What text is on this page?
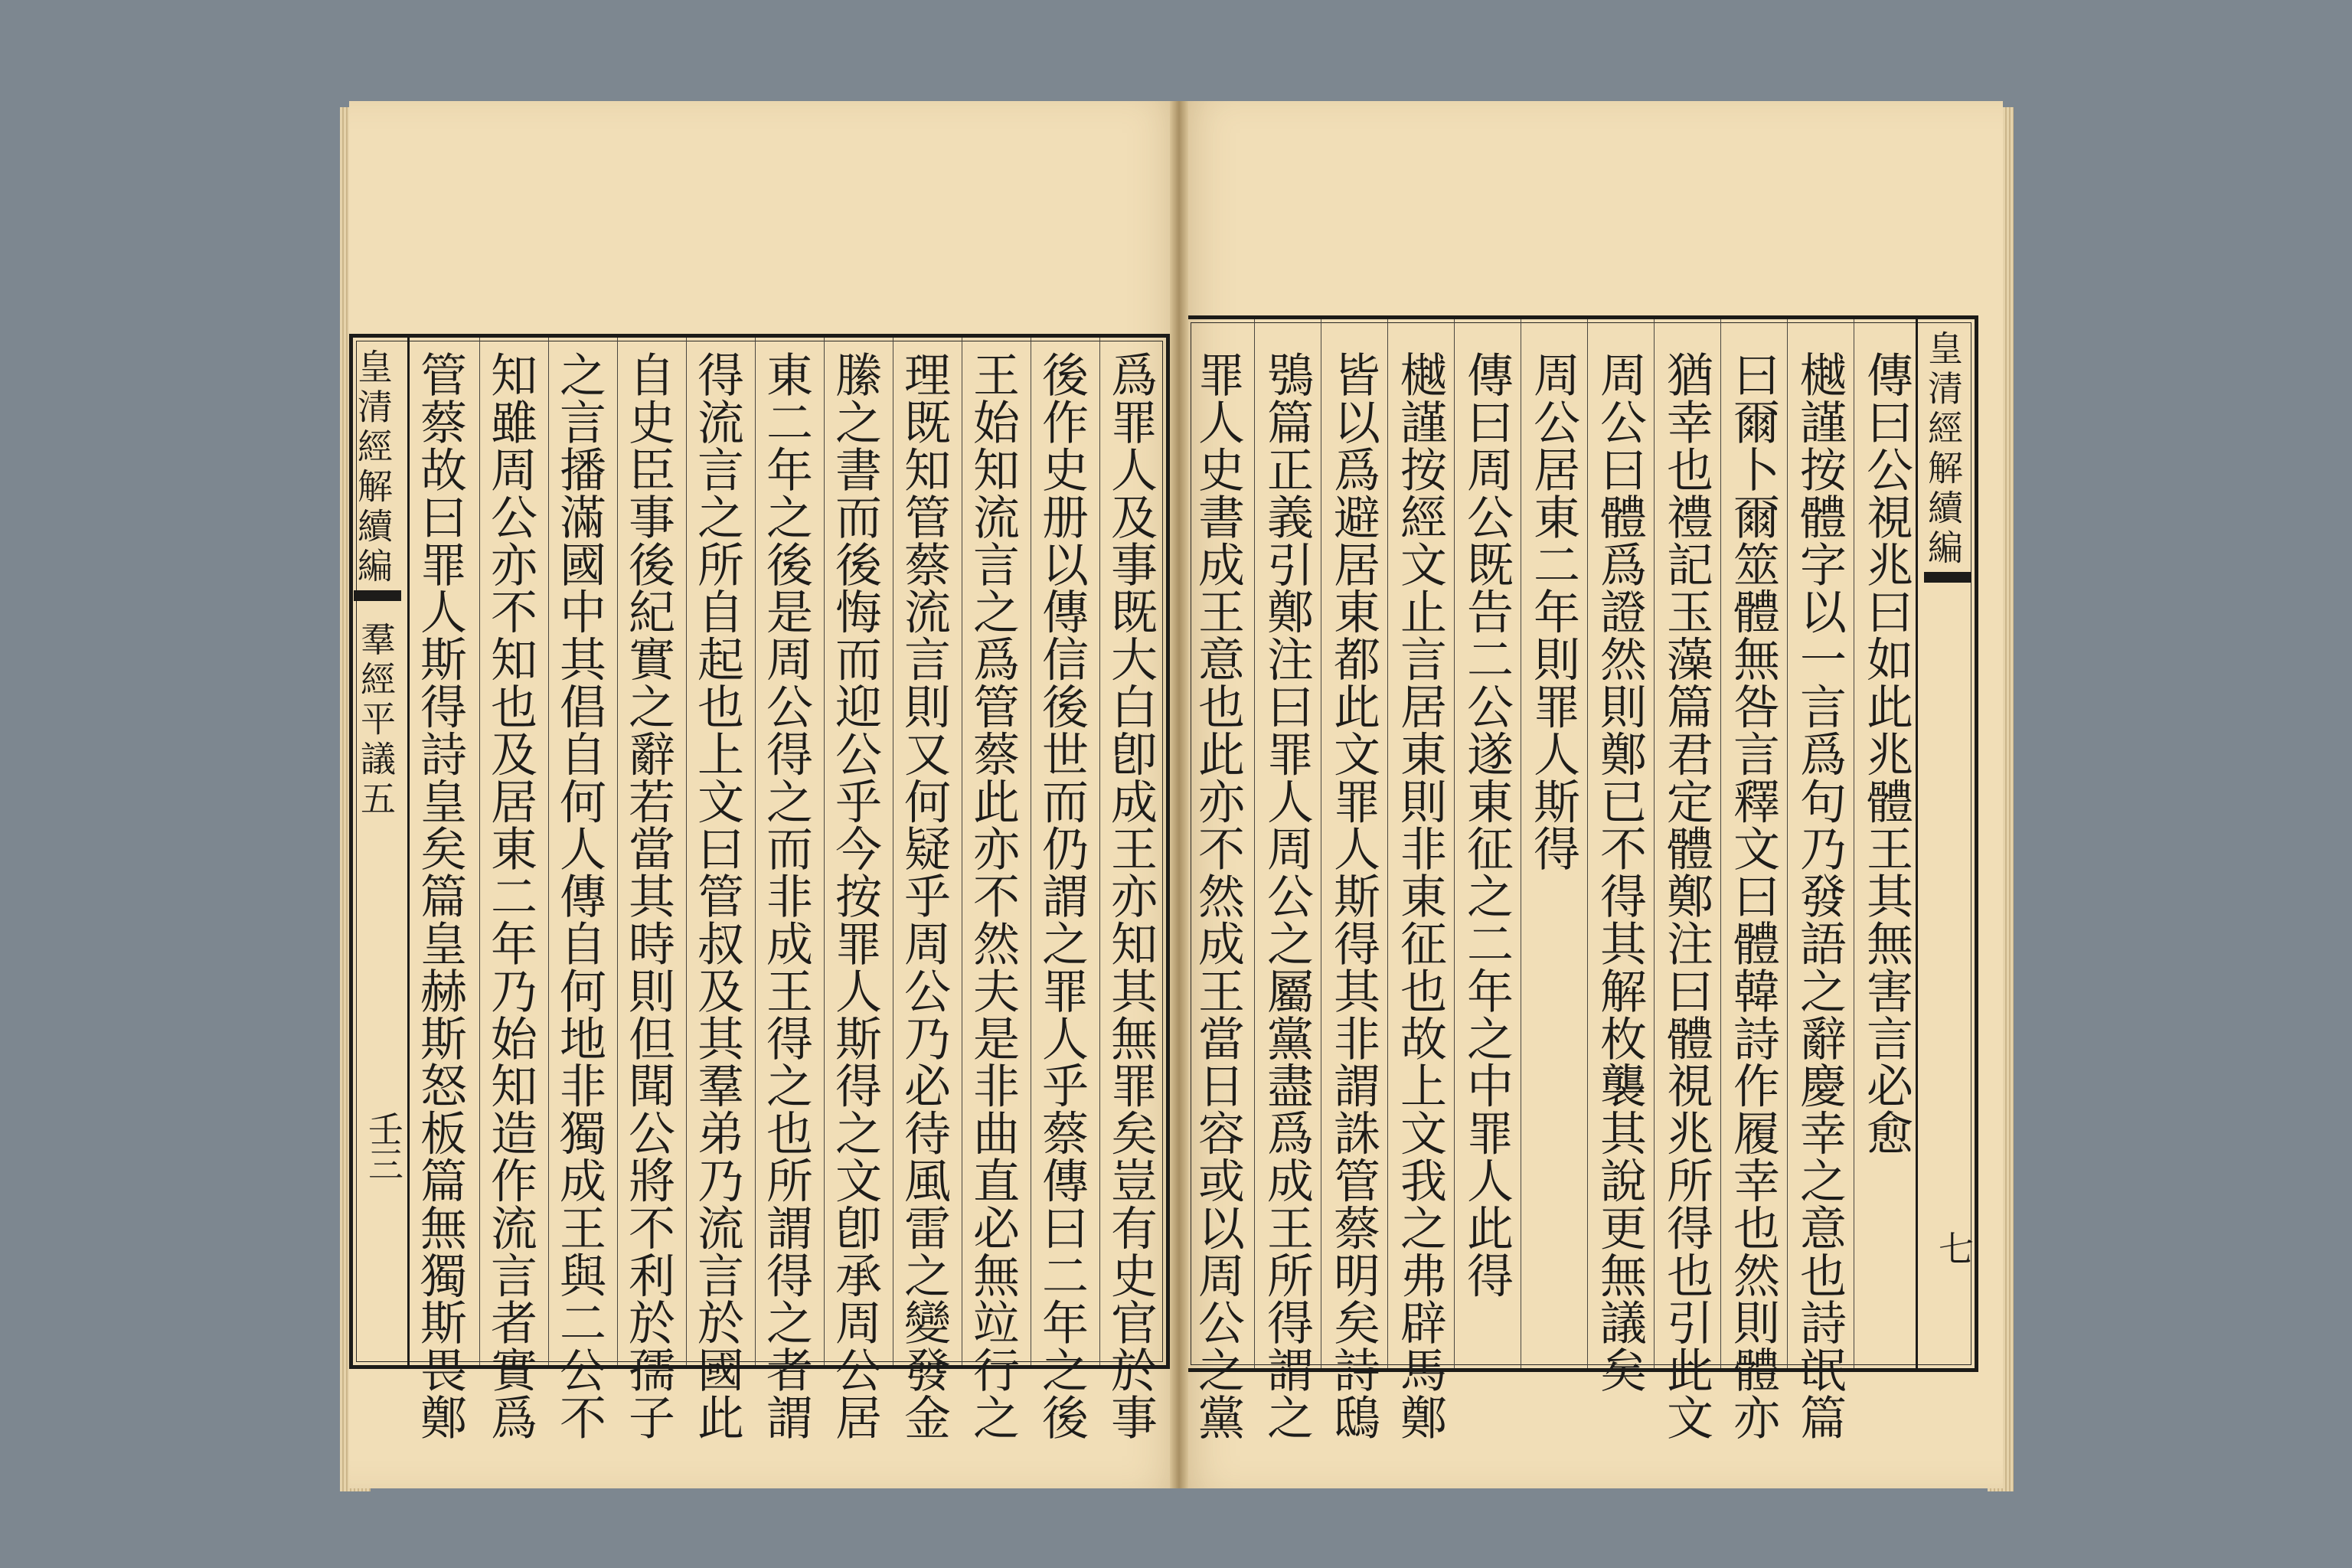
皇清經解續編
羣經平議五
壬三	爲罪人及事既大白卽成王亦知其無罪矣豈有史官於事
後作史册以傳信後世而仍謂之罪人乎蔡傳曰二年之後
王始知流言之爲管蔡此亦不然夫是非曲直必無竝行之
理既知管蔡流言則又何疑乎周公乃必待風雷之變發金
縢之書而後悔而迎公乎今按罪人斯得之文卽承周公居
東二年之後是周公得之而非成王得之也所謂得之者謂
得流言之所自起也上文曰管叔及其羣弟乃流言於國此
自史臣事後紀實之辭若當其時則但聞公將不利於孺子
之言播滿國中其倡自何人傳自何地非獨成王與二公不
知雖周公亦不知也及居東二年乃始知造作流言者實爲
管蔡故曰罪人斯得詩皇矣篇皇赫斯怒板篇無獨斯畏鄭	皇清經解續編
七
傳曰公視兆曰如此兆體王其無害言必愈
樾謹按體字以一言爲句乃發語之辭慶幸之意也詩氓篇
曰爾卜爾筮體無咎言釋文曰體韓詩作履幸也然則體亦
猶幸也禮記玉藻篇君定體鄭注曰體視兆所得也引此文
周公曰體爲證然則鄭已不得其解枚襲其說更無議矣
周公居東二年則罪人斯得
傳曰周公既告二公遂東征之二年之中罪人此得
樾謹按經文止言居東則非東征也故上文我之弗辟馬鄭
皆以爲避居東都此文罪人斯得其非謂誅管蔡明矣詩鴟
鴞篇正義引鄭注曰罪人周公之屬黨盡爲成王所得謂之
罪人史書成王意也此亦不然成王當日容或以周公之黨
